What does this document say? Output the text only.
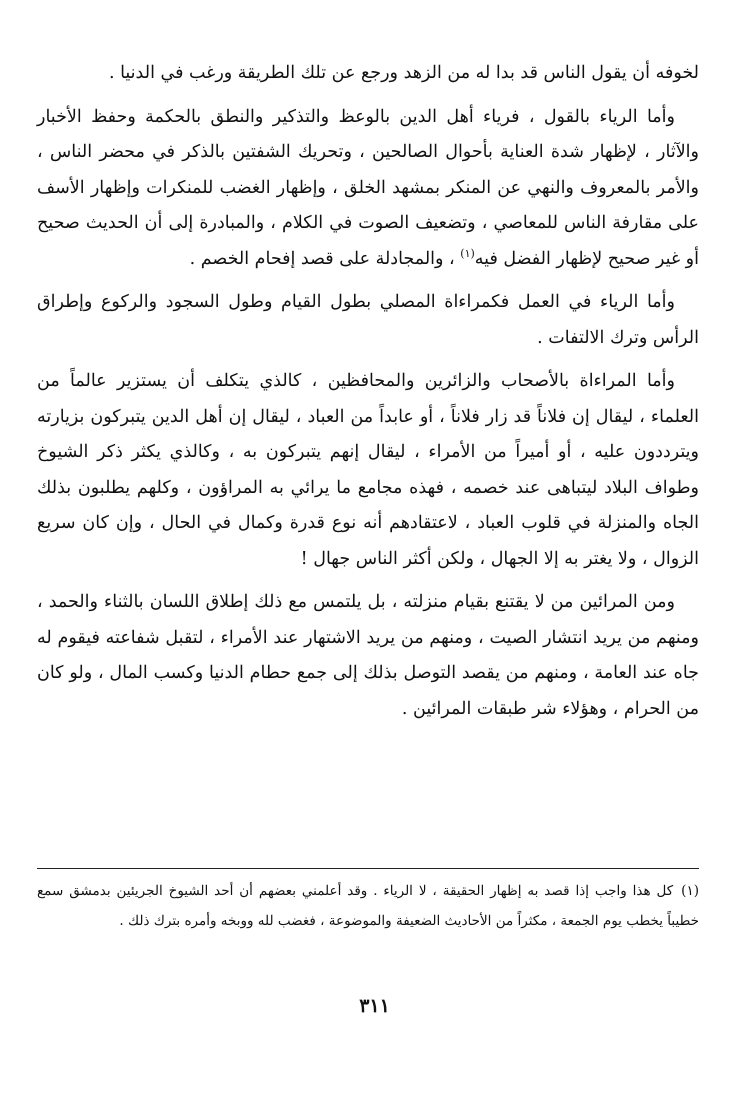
لخوفه أن يقول الناس قد بدا له من الزهد ورجع عن تلك الطريقة ورغب في الدنيا .

وأما الرياء بالقول ، فرياء أهل الدين بالوعظ والتذكير والنطق بالحكمة وحفظ الأخبار والآثار ، لإظهار شدة العناية بأحوال الصالحين ، وتحريك الشفتين بالذكر في محضر الناس ، والأمر بالمعروف والنهي عن المنكر بمشهد الخلق ، وإظهار الغضب للمنكرات وإظهار الأسف على مقارفة الناس للمعاصي ، وتضعيف الصوت في الكلام ، والمبادرة إلى أن الحديث صحيح أو غير صحيح لإظهار الفضل فيه$^{(١)}$ ، والمجادلة على قصد إفحام الخصم .

وأما الرياء في العمل فكمراءاة المصلي بطول القيام وطول السجود والركوع وإطراق الرأس وترك الالتفات .

وأما المراءاة بالأصحاب والزائرين والمحافظين ، كالذي يتكلف أن يستزير عالماً من العلماء ، ليقال إن فلاناً قد زار فلاناً ، أو عابداً من العباد ، ليقال إن أهل الدين يتبركون بزيارته ويترددون عليه ، أو أميراً من الأمراء ، ليقال إنهم يتبركون به ، وكالذي يكثر ذكر الشيوخ وطواف البلاد ليتباهى عند خصمه ، فهذه مجامع ما يرائي به المراؤون ، وكلهم يطلبون بذلك الجاه والمنزلة في قلوب العباد ، لاعتقادهم أنه نوع قدرة وكمال في الحال ، وإن كان سريع الزوال ، ولا يغتر به إلا الجهال ، ولكن أكثر الناس جهال !

ومن المرائين من لا يقتنع بقيام منزلته ، بل يلتمس مع ذلك إطلاق اللسان بالثناء والحمد ، ومنهم من يريد انتشار الصيت ، ومنهم من يريد الاشتهار عند الأمراء ، لتقبل شفاعته فيقوم له جاه عند العامة ، ومنهم من يقصد التوصل بذلك إلى جمع حطام الدنيا وكسب المال ، ولو كان من الحرام ، وهؤلاء شر طبقات المرائين .

(١)كل هذا واجب إذا قصد به إظهار الحقيقة ، لا الرياء . وقد أعلمني بعضهم أن أحد الشيوخ الجريئين بدمشق سمع خطيباً يخطب يوم الجمعة ، مكثراً من الأحاديث الضعيفة والموضوعة ، فغضب لله ووبخه وأمره بترك ذلك .
٣١١
